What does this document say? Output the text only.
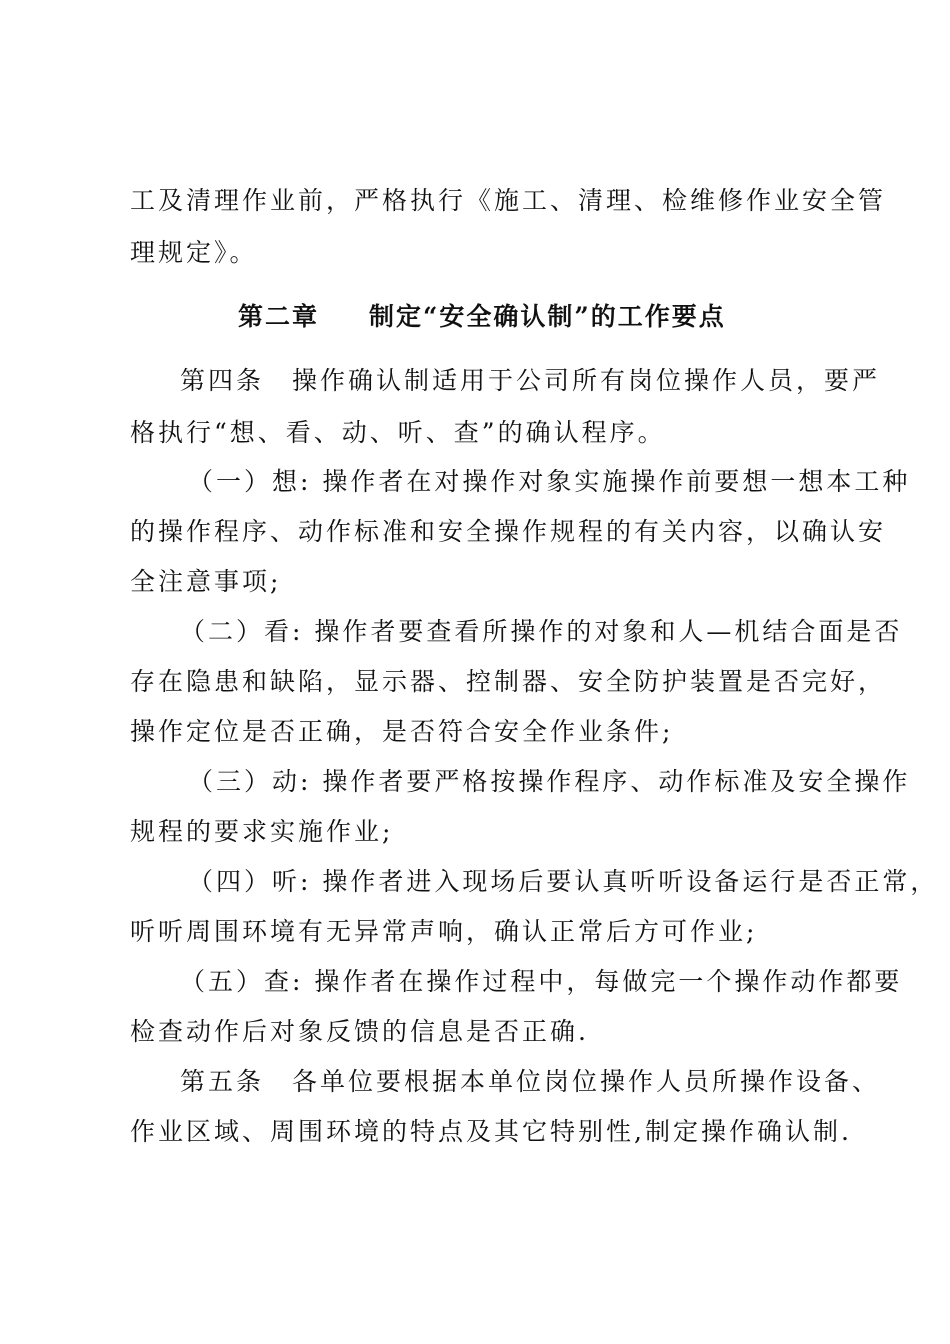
工及清理作业前，严格执行《施工、清理、检维修作业安全管
理规定》。
第二章 制定“安全确认制”的工作要点
第四条　操作确认制适用于公司所有岗位操作人员，要严
格执行“想、看、动、听、查”的确认程序。
（一）想: 操作者在对操作对象实施操作前要想一想本工种
的操作程序、动作标准和安全操作规程的有关内容，以确认安
全注意事项;
（二）看: 操作者要查看所操作的对象和人—机结合面是否
存在隐患和缺陷，显示器、控制器、安全防护装置是否完好，
操作定位是否正确，是否符合安全作业条件;
（三）动: 操作者要严格按操作程序、动作标准及安全操作
规程的要求实施作业;
（四）听: 操作者进入现场后要认真听听设备运行是否正常，
听听周围环境有无异常声响，确认正常后方可作业;
（五）查: 操作者在操作过程中，每做完一个操作动作都要
检查动作后对象反馈的信息是否正确.
第五条　各单位要根据本单位岗位操作人员所操作设备、
作业区域、周围环境的特点及其它特别性,制定操作确认制.
